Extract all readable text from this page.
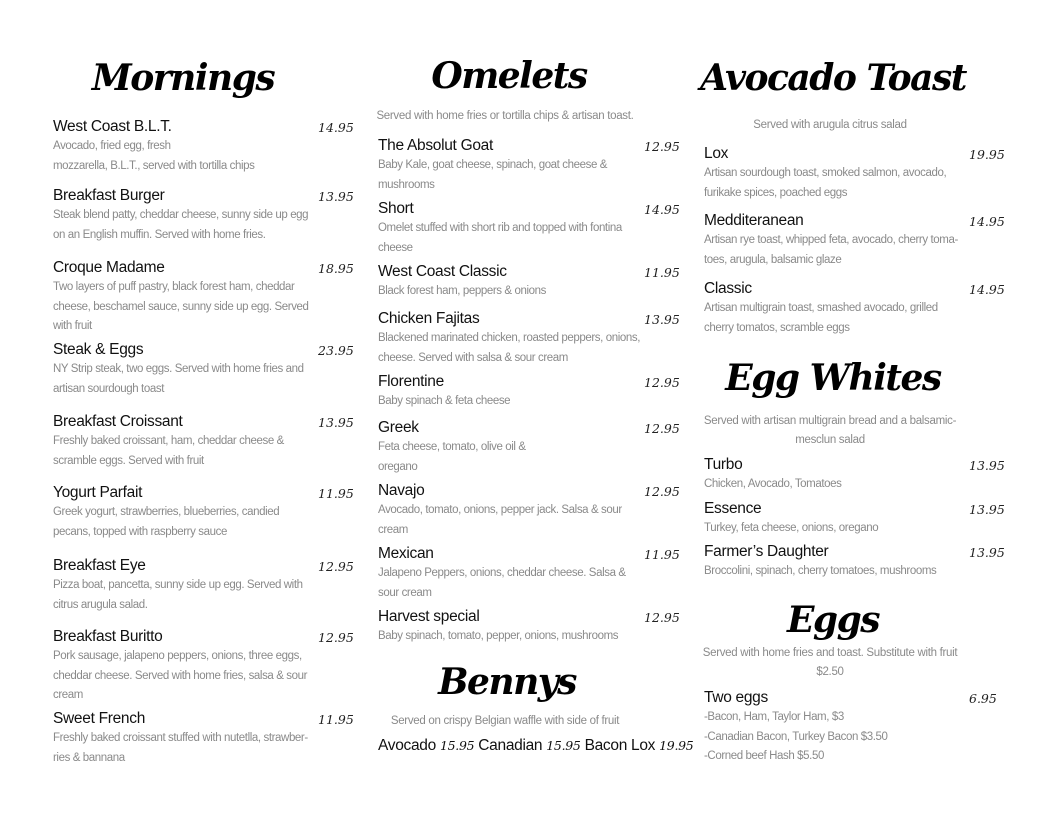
Mornings	Omelets
Served with home fries or tortilla chips & artisan toast.
Avocado Toast
Served with arugula citrus salad
Egg Whites
Served with artisan multigrain bread and a balsamic-
mesclun salad
Eggs
Served with home fries and toast. Substitute with fruit
$2.50
Bennys
Served on crispy Belgian waffle with side of fruit
Avocado 15.95 Canadian 15.95 Bacon Lox 19.95
West Coast B.L.T.	14.95
Avocado, fried egg, fresh
mozzarella, B.L.T., served with tortilla chips
Breakfast Burger	13.95
Steak blend patty, cheddar cheese, sunny side up egg
on an English muffin. Served with home fries.
Croque Madame	18.95
Two layers of puff pastry, black forest ham, cheddar
cheese, beschamel sauce, sunny side up egg. Served
with fruit
Steak & Eggs	23.95
NY Strip steak, two eggs. Served with home fries and
artisan sourdough toast
Breakfast Croissant	13.95
Freshly baked croissant, ham, cheddar cheese &
scramble eggs. Served with fruit
Yogurt Parfait	11.95
Greek yogurt, strawberries, blueberries, candied
pecans, topped with raspberry sauce
Breakfast Eye	12.95
Pizza boat, pancetta, sunny side up egg. Served with
citrus arugula salad.
Breakfast Buritto	12.95
Pork sausage, jalapeno peppers, onions, three eggs,
cheddar cheese. Served with home fries, salsa & sour
cream
Sweet French	11.95
Freshly baked croissant stuffed with nutetlla, strawber-
ries & bannana
The Absolut Goat	12.95
Baby Kale, goat cheese, spinach, goat cheese &
mushrooms
Short	14.95
Omelet stuffed with short rib and topped with fontina
cheese
West Coast Classic	11.95
Black forest ham, peppers & onions
Chicken Fajitas	13.95
Blackened marinated chicken, roasted peppers, onions,
cheese. Served with salsa & sour cream
Florentine	12.95
Baby spinach & feta cheese
Greek	12.95
Feta cheese, tomato, olive oil &
oregano
Navajo	12.95
Avocado, tomato, onions, pepper jack. Salsa & sour
cream
Mexican	11.95
Jalapeno Peppers, onions, cheddar cheese. Salsa &
sour cream
Harvest special	12.95
Baby spinach, tomato, pepper, onions, mushrooms
Lox	19.95
Artisan sourdough toast, smoked salmon, avocado,
furikake spices, poached eggs
Medditeranean	14.95
Artisan rye toast, whipped feta, avocado, cherry toma-
toes, arugula, balsamic glaze
Classic	14.95
Artisan multigrain toast, smashed avocado, grilled
cherry tomatos, scramble eggs
Turbo	13.95
Chicken, Avocado, Tomatoes
Essence	13.95
Turkey, feta cheese, onions, oregano
Farmer’s Daughter	13.95
Broccolini, spinach, cherry tomatoes, mushrooms
Two eggs	6.95
-Bacon, Ham, Taylor Ham, $3
-Canadian Bacon, Turkey Bacon $3.50
-Corned beef Hash $5.50
